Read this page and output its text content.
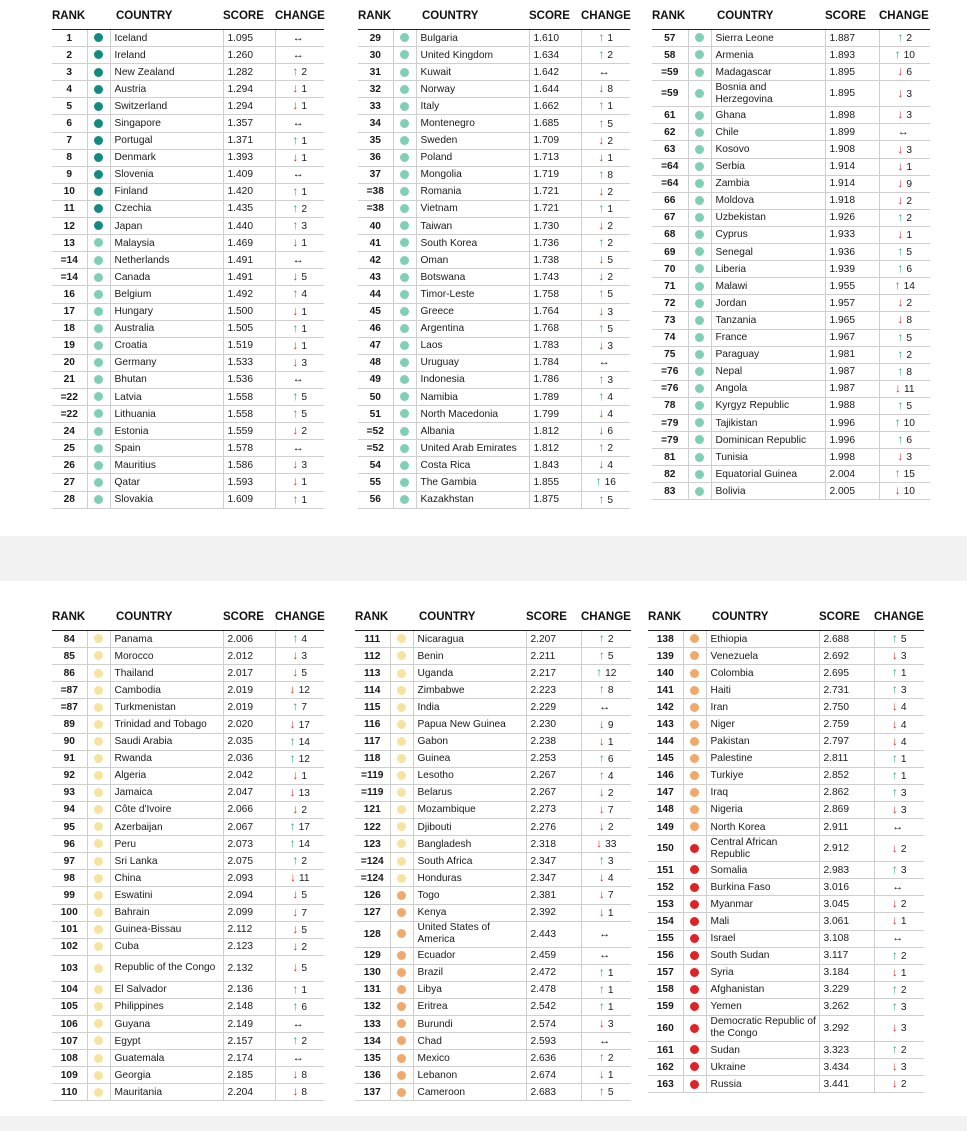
RANK		COUNTRY	SCORE	CHANGE
1		Iceland	1.095	↔
2		Ireland	1.260	↔
3		New Zealand	1.282	↑ 2
4		Austria	1.294	↓ 1
5		Switzerland	1.294	↓ 1
6		Singapore	1.357	↔
7		Portugal	1.371	↑ 1
8		Denmark	1.393	↓ 1
9		Slovenia	1.409	↔
10		Finland	1.420	↑ 1
11		Czechia	1.435	↑ 2
12		Japan	1.440	↑ 3
13		Malaysia	1.469	↓ 1
=14		Netherlands	1.491	↔
=14		Canada	1.491	↓ 5
16		Belgium	1.492	↑ 4
17		Hungary	1.500	↓ 1
18		Australia	1.505	↑ 1
19		Croatia	1.519	↓ 1
20		Germany	1.533	↓ 3
21		Bhutan	1.536	↔
=22		Latvia	1.558	↑ 5
=22		Lithuania	1.558	↑ 5
24		Estonia	1.559	↓ 2
25		Spain	1.578	↔
26		Mauritius	1.586	↓ 3
27		Qatar	1.593	↓ 1
28		Slovakia	1.609	↑ 1
RANK		COUNTRY	SCORE	CHANGE
29		Bulgaria	1.610	↑ 1
30		United Kingdom	1.634	↑ 2
31		Kuwait	1.642	↔
32		Norway	1.644	↓ 8
33		Italy	1.662	↑ 1
34		Montenegro	1.685	↑ 5
35		Sweden	1.709	↓ 2
36		Poland	1.713	↓ 1
37		Mongolia	1.719	↑ 8
=38		Romania	1.721	↓ 2
=38		Vietnam	1.721	↑ 1
40		Taiwan	1.730	↓ 2
41		South Korea	1.736	↑ 2
42		Oman	1.738	↓ 5
43		Botswana	1.743	↓ 2
44		Timor-Leste	1.758	↑ 5
45		Greece	1.764	↓ 3
46		Argentina	1.768	↑ 5
47		Laos	1.783	↓ 3
48		Uruguay	1.784	↔
49		Indonesia	1.786	↑ 3
50		Namibia	1.789	↑ 4
51		North Macedonia	1.799	↓ 4
=52		Albania	1.812	↓ 6
=52		United Arab Emirates	1.812	↑ 2
54		Costa Rica	1.843	↓ 4
55		The Gambia	1.855	↑ 16
56		Kazakhstan	1.875	↑ 5
RANK		COUNTRY	SCORE	CHANGE
57		Sierra Leone	1.887	↑ 2
58		Armenia	1.893	↑ 10
=59		Madagascar	1.895	↓ 6
=59		Bosnia and Herzegovina	1.895	↓ 3
61		Ghana	1.898	↓ 3
62		Chile	1.899	↔
63		Kosovo	1.908	↓ 3
=64		Serbia	1.914	↓ 1
=64		Zambia	1.914	↓ 9
66		Moldova	1.918	↓ 2
67		Uzbekistan	1.926	↑ 2
68		Cyprus	1.933	↓ 1
69		Senegal	1.936	↑ 5
70		Liberia	1.939	↑ 6
71		Malawi	1.955	↑ 14
72		Jordan	1.957	↓ 2
73		Tanzania	1.965	↓ 8
74		France	1.967	↑ 5
75		Paraguay	1.981	↑ 2
=76		Nepal	1.987	↑ 8
=76		Angola	1.987	↓ 11
78		Kyrgyz Republic	1.988	↑ 5
=79		Tajikistan	1.996	↑ 10
=79		Dominican Republic	1.996	↑ 6
81		Tunisia	1.998	↓ 3
82		Equatorial Guinea	2.004	↑ 15
83		Bolivia	2.005	↓ 10
RANK		COUNTRY	SCORE	CHANGE
84		Panama	2.006	↑ 4
85		Morocco	2.012	↓ 3
86		Thailand	2.017	↓ 5
=87		Cambodia	2.019	↓ 12
=87		Turkmenistan	2.019	↑ 7
89		Trinidad and Tobago	2.020	↓ 17
90		Saudi Arabia	2.035	↑ 14
91		Rwanda	2.036	↑ 12
92		Algeria	2.042	↓ 1
93		Jamaica	2.047	↓ 13
94		Côte d'Ivoire	2.066	↓ 2
95		Azerbaijan	2.067	↑ 17
96		Peru	2.073	↑ 14
97		Sri Lanka	2.075	↑ 2
98		China	2.093	↓ 11
99		Eswatini	2.094	↓ 5
100		Bahrain	2.099	↓ 7
101		Guinea-Bissau	2.112	↓ 5
102		Cuba	2.123	↓ 2
103		Republic of the Congo	2.132	↓ 5
104		El Salvador	2.136	↑ 1
105		Philippines	2.148	↑ 6
106		Guyana	2.149	↔
107		Egypt	2.157	↑ 2
108		Guatemala	2.174	↔
109		Georgia	2.185	↓ 8
110		Mauritania	2.204	↓ 8
RANK		COUNTRY	SCORE	CHANGE
111		Nicaragua	2.207	↑ 2
112		Benin	2.211	↑ 5
113		Uganda	2.217	↑ 12
114		Zimbabwe	2.223	↑ 8
115		India	2.229	↔
116		Papua New Guinea	2.230	↓ 9
117		Gabon	2.238	↓ 1
118		Guinea	2.253	↑ 6
=119		Lesotho	2.267	↑ 4
=119		Belarus	2.267	↓ 2
121		Mozambique	2.273	↓ 7
122		Djibouti	2.276	↓ 2
123		Bangladesh	2.318	↓ 33
=124		South Africa	2.347	↑ 3
=124		Honduras	2.347	↓ 4
126		Togo	2.381	↓ 7
127		Kenya	2.392	↓ 1
128		United States of America	2.443	↔
129		Ecuador	2.459	↔
130		Brazil	2.472	↑ 1
131		Libya	2.478	↑ 1
132		Eritrea	2.542	↑ 1
133		Burundi	2.574	↓ 3
134		Chad	2.593	↔
135		Mexico	2.636	↑ 2
136		Lebanon	2.674	↓ 1
137		Cameroon	2.683	↑ 5
RANK		COUNTRY	SCORE	CHANGE
138		Ethiopia	2.688	↑ 5
139		Venezuela	2.692	↓ 3
140		Colombia	2.695	↑ 1
141		Haiti	2.731	↑ 3
142		Iran	2.750	↓ 4
143		Niger	2.759	↓ 4
144		Pakistan	2.797	↓ 4
145		Palestine	2.811	↑ 1
146		Turkiye	2.852	↑ 1
147		Iraq	2.862	↑ 3
148		Nigeria	2.869	↓ 3
149		North Korea	2.911	↔
150		Central African Republic	2.912	↓ 2
151		Somalia	2.983	↑ 3
152		Burkina Faso	3.016	↔
153		Myanmar	3.045	↓ 2
154		Mali	3.061	↓ 1
155		Israel	3.108	↔
156		South Sudan	3.117	↑ 2
157		Syria	3.184	↓ 1
158		Afghanistan	3.229	↑ 2
159		Yemen	3.262	↑ 3
160		Democratic Republic of the Congo	3.292	↓ 3
161		Sudan	3.323	↑ 2
162		Ukraine	3.434	↓ 3
163		Russia	3.441	↓ 2
